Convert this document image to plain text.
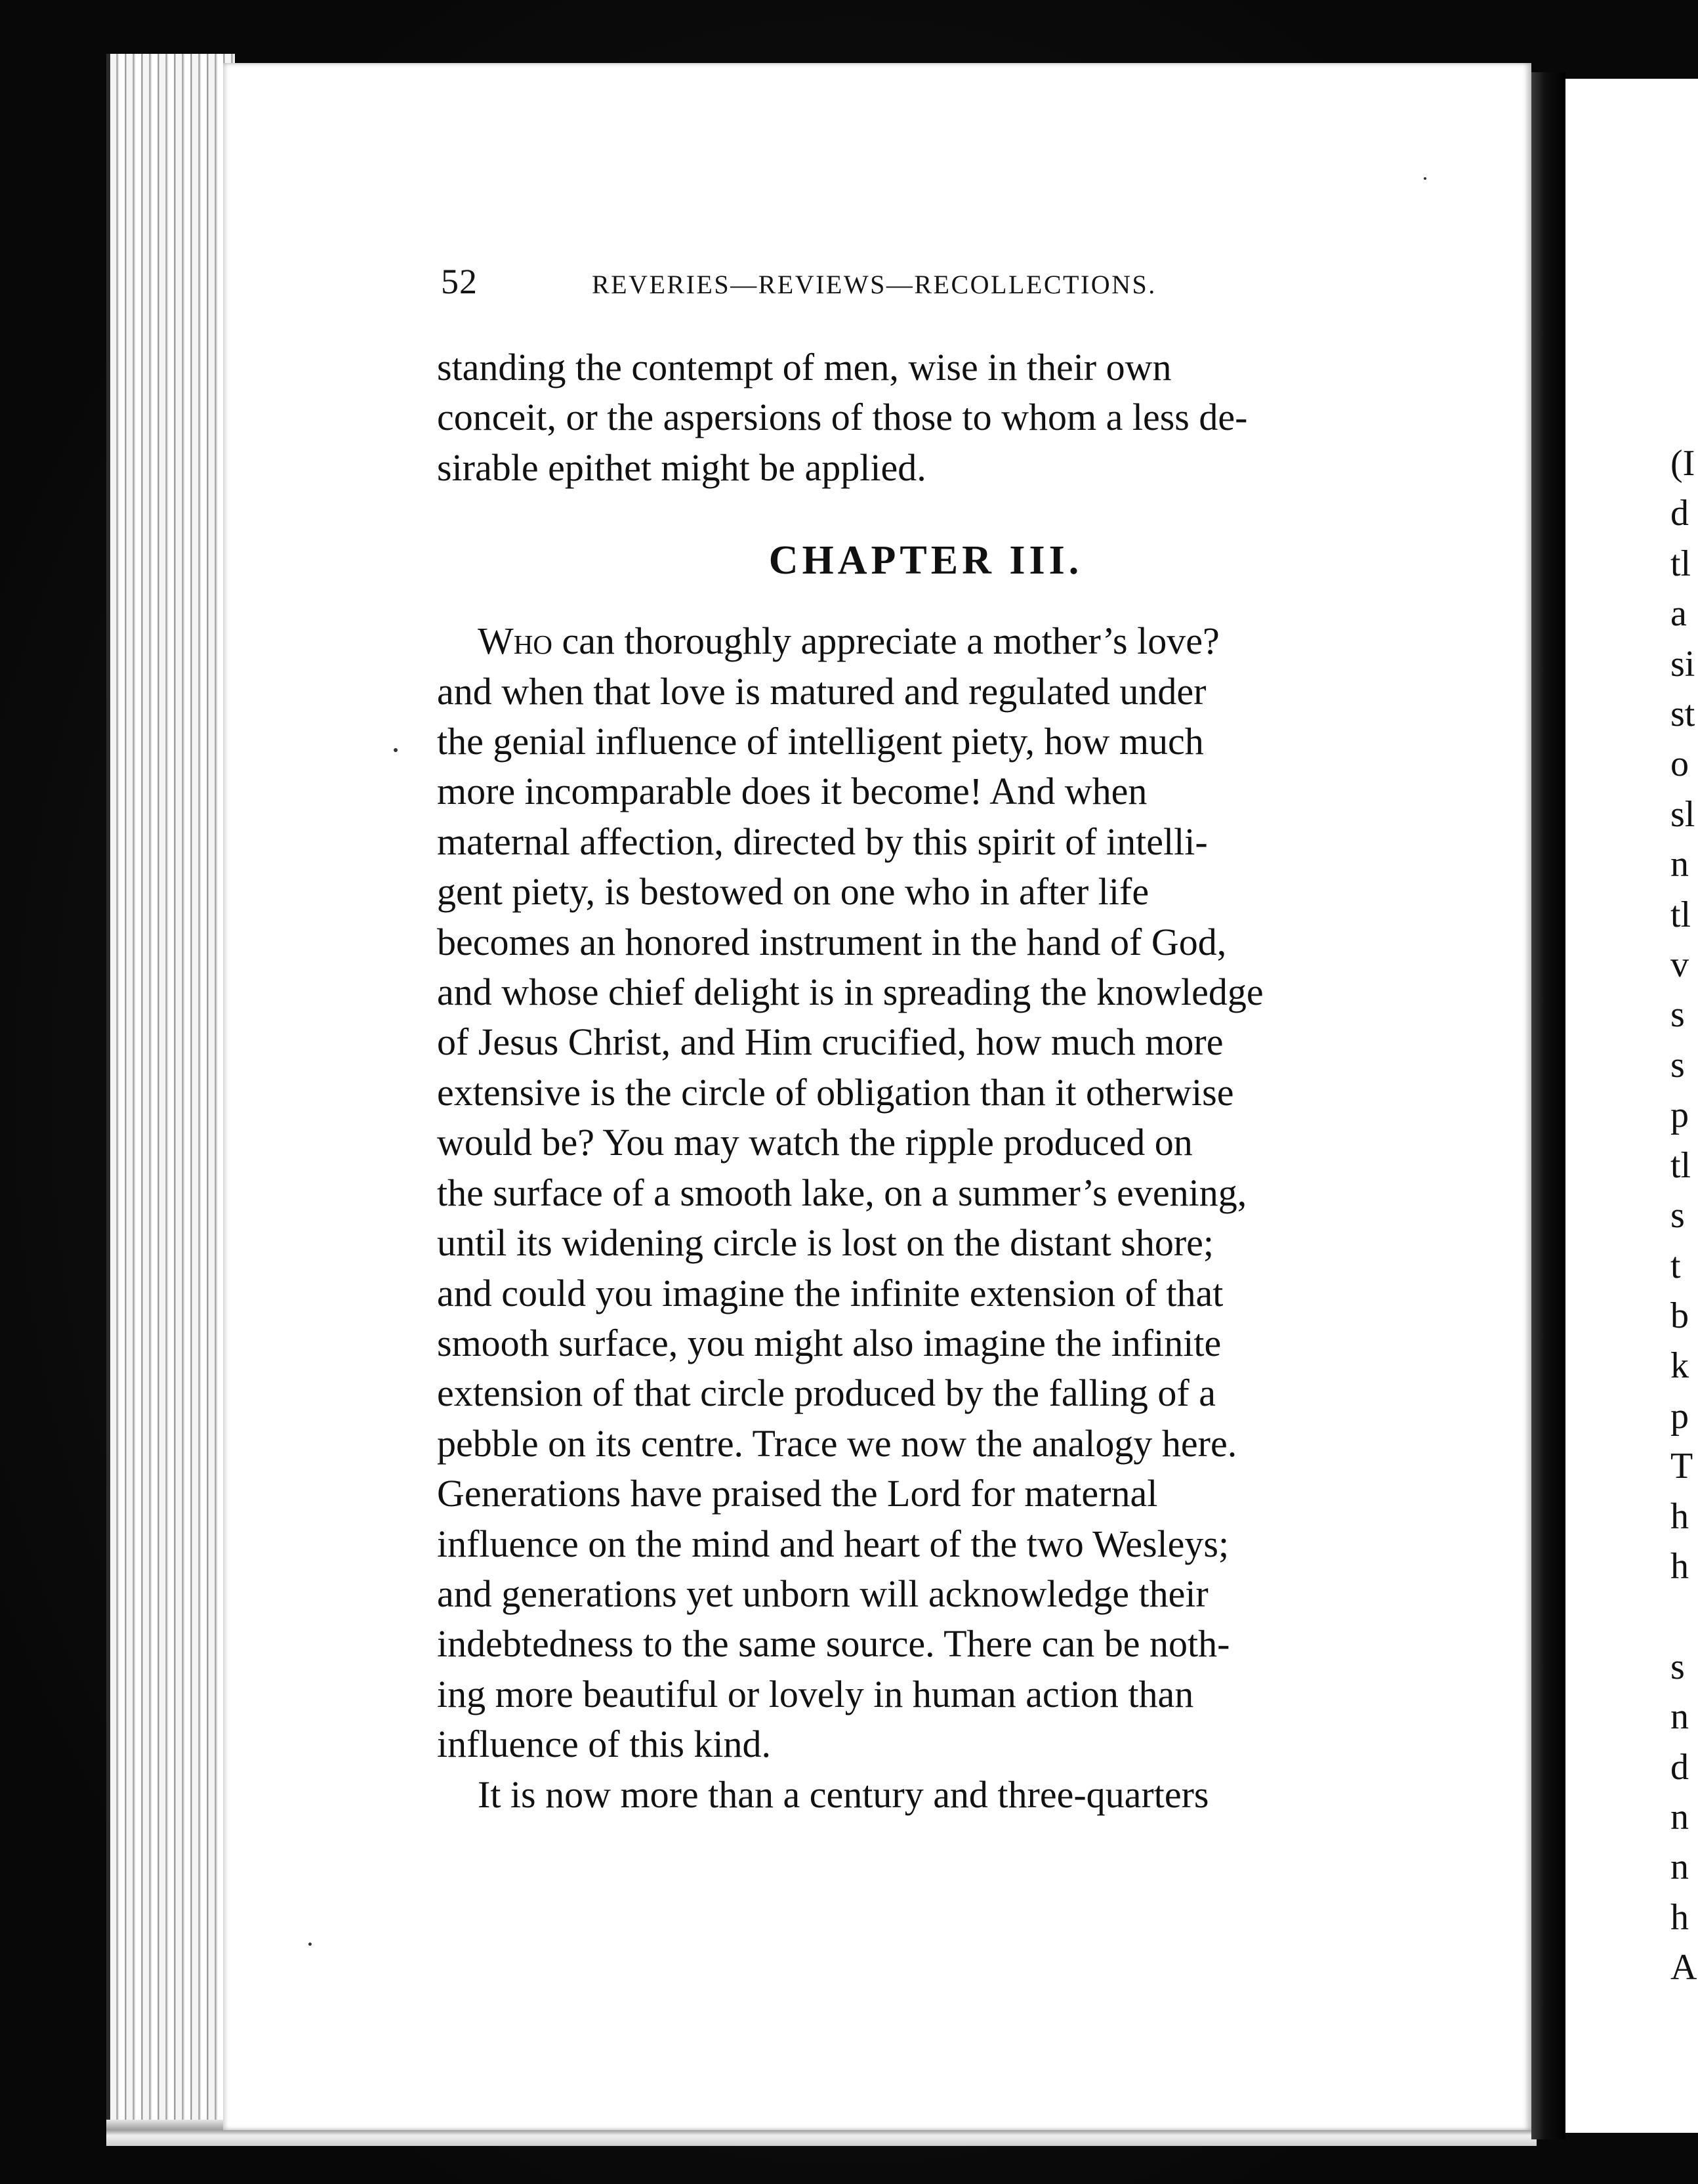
(I
d
tl
a
si
st
o
sl
n
tl
v
s
s
p
tl
s
t
b
k
p
T
h
h
s
n
d
n
n
h
A
52	REVERIES—REVIEWS—RECOLLECTIONS.

standing the contempt of men, wise in their own

conceit, or the aspersions of those to whom a less de-

sirable epithet might be applied.

CHAPTER III.

Who can thoroughly appreciate a mother’s love?

and when that love is matured and regulated under

the genial influence of intelligent piety, how much

more incomparable does it become! And when

maternal affection, directed by this spirit of intelli-

gent piety, is bestowed on one who in after life

becomes an honored instrument in the hand of God,

and whose chief delight is in spreading the knowledge

of Jesus Christ, and Him crucified, how much more

extensive is the circle of obligation than it otherwise

would be? You may watch the ripple produced on

the surface of a smooth lake, on a summer’s evening,

until its widening circle is lost on the distant shore;

and could you imagine the infinite extension of that

smooth surface, you might also imagine the infinite

extension of that circle produced by the falling of a

pebble on its centre. Trace we now the analogy here.

Generations have praised the Lord for maternal

influence on the mind and heart of the two Wesleys;

and generations yet unborn will acknowledge their

indebtedness to the same source. There can be noth-

ing more beautiful or lovely in human action than

influence of this kind.

It is now more than a century and three-quarters
